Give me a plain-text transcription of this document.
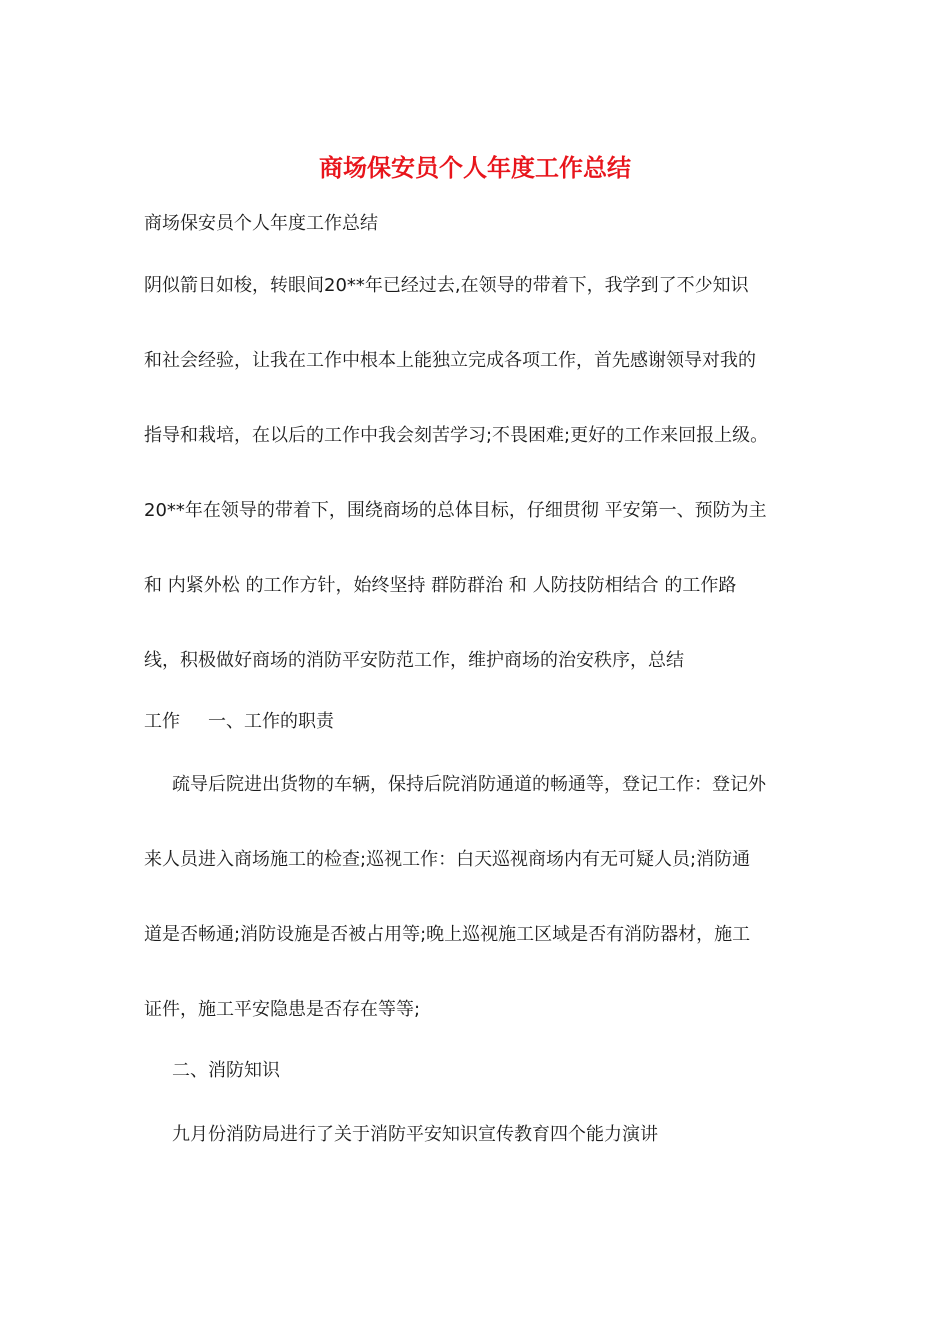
商场保安员个人年度工作总结
商场保安员个人年度工作总结
阴似箭日如梭，转眼间20**年已经过去,在领导的带着下，我学到了不少知识
和社会经验，让我在工作中根本上能独立完成各项工作，首先感谢领导对我的
指导和栽培，在以后的工作中我会刻苦学习;不畏困难;更好的工作来回报上级。
20**年在领导的带着下，围绕商场的总体目标，仔细贯彻 平安第一、预防为主
和 内紧外松 的工作方针，始终坚持 群防群治 和 人防技防相结合 的工作路
线，积极做好商场的消防平安防范工作，维护商场的治安秩序，总结
工作 一、工作的职责
疏导后院进出货物的车辆，保持后院消防通道的畅通等，登记工作：登记外
来人员进入商场施工的检查;巡视工作：白天巡视商场内有无可疑人员;消防通
道是否畅通;消防设施是否被占用等;晚上巡视施工区域是否有消防器材，施工
证件，施工平安隐患是否存在等等;
二、消防知识
九月份消防局进行了关于消防平安知识宣传教育四个能力演讲
